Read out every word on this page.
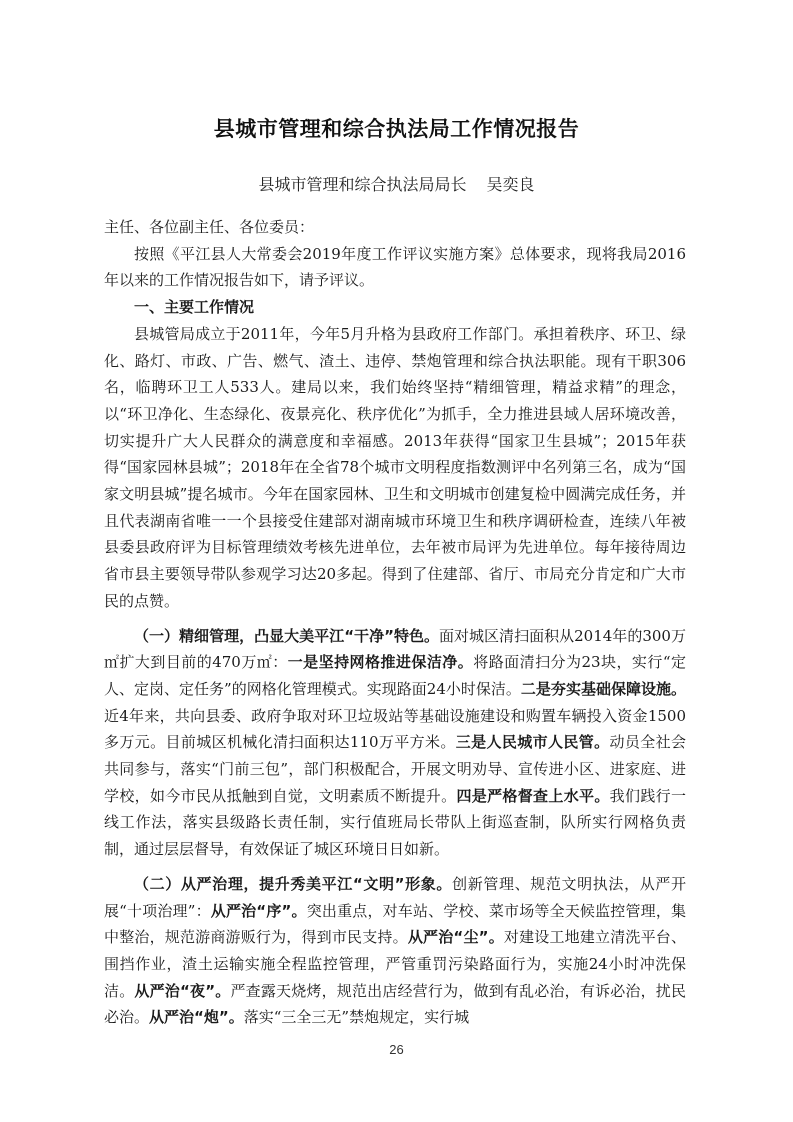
县城市管理和综合执法局工作情况报告
县城市管理和综合执法局局长 吴奕良

主任、各位副主任、各位委员：

按照《平江县人大常委会2019年度工作评议实施方案》总体要求，现将我局2016年以来的工作情况报告如下，请予评议。

一、主要工作情况

县城管局成立于2011年，今年5月升格为县政府工作部门。承担着秩序、环卫、绿化、路灯、市政、广告、燃气、渣土、违停、禁炮管理和综合执法职能。现有干职306名，临聘环卫工人533人。建局以来，我们始终坚持“精细管理，精益求精”的理念，以“环卫净化、生态绿化、夜景亮化、秩序优化”为抓手，全力推进县域人居环境改善，切实提升广大人民群众的满意度和幸福感。2013年获得“国家卫生县城”；2015年获得“国家园林县城”；2018年在全省78个城市文明程度指数测评中名列第三名，成为“国家文明县城”提名城市。今年在国家园林、卫生和文明城市创建复检中圆满完成任务，并且代表湖南省唯一一个县接受住建部对湖南城市环境卫生和秩序调研检查，连续八年被县委县政府评为目标管理绩效考核先进单位，去年被市局评为先进单位。每年接待周边省市县主要领导带队参观学习达20多起。得到了住建部、省厅、市局充分肯定和广大市民的点赞。

（一）精细管理，凸显大美平江“干净”特色。面对城区清扫面积从2014年的300万㎡扩大到目前的470万㎡：一是坚持网格推进保洁净。将路面清扫分为23块，实行“定人、定岗、定任务”的网格化管理模式。实现路面24小时保洁。二是夯实基础保障设施。近4年来，共向县委、政府争取对环卫垃圾站等基础设施建设和购置车辆投入资金1500多万元。目前城区机械化清扫面积达110万平方米。三是人民城市人民管。动员全社会共同参与，落实“门前三包”，部门积极配合，开展文明劝导、宣传进小区、进家庭、进学校，如今市民从抵触到自觉，文明素质不断提升。四是严格督查上水平。我们践行一线工作法，落实县级路长责任制，实行值班局长带队上街巡查制，队所实行网格负责制，通过层层督导，有效保证了城区环境日日如新。

（二）从严治理，提升秀美平江“文明”形象。创新管理、规范文明执法，从严开展“十项治理”：从严治“序”。突出重点，对车站、学校、菜市场等全天候监控管理，集中整治，规范游商游贩行为，得到市民支持。从严治“尘”。对建设工地建立清洗平台、围挡作业，渣土运输实施全程监控管理，严管重罚污染路面行为，实施24小时冲洗保洁。从严治“夜”。严查露天烧烤，规范出店经营行为，做到有乱必治，有诉必治，扰民必治。从严治“炮”。落实“三全三无”禁炮规定，实行城

26
